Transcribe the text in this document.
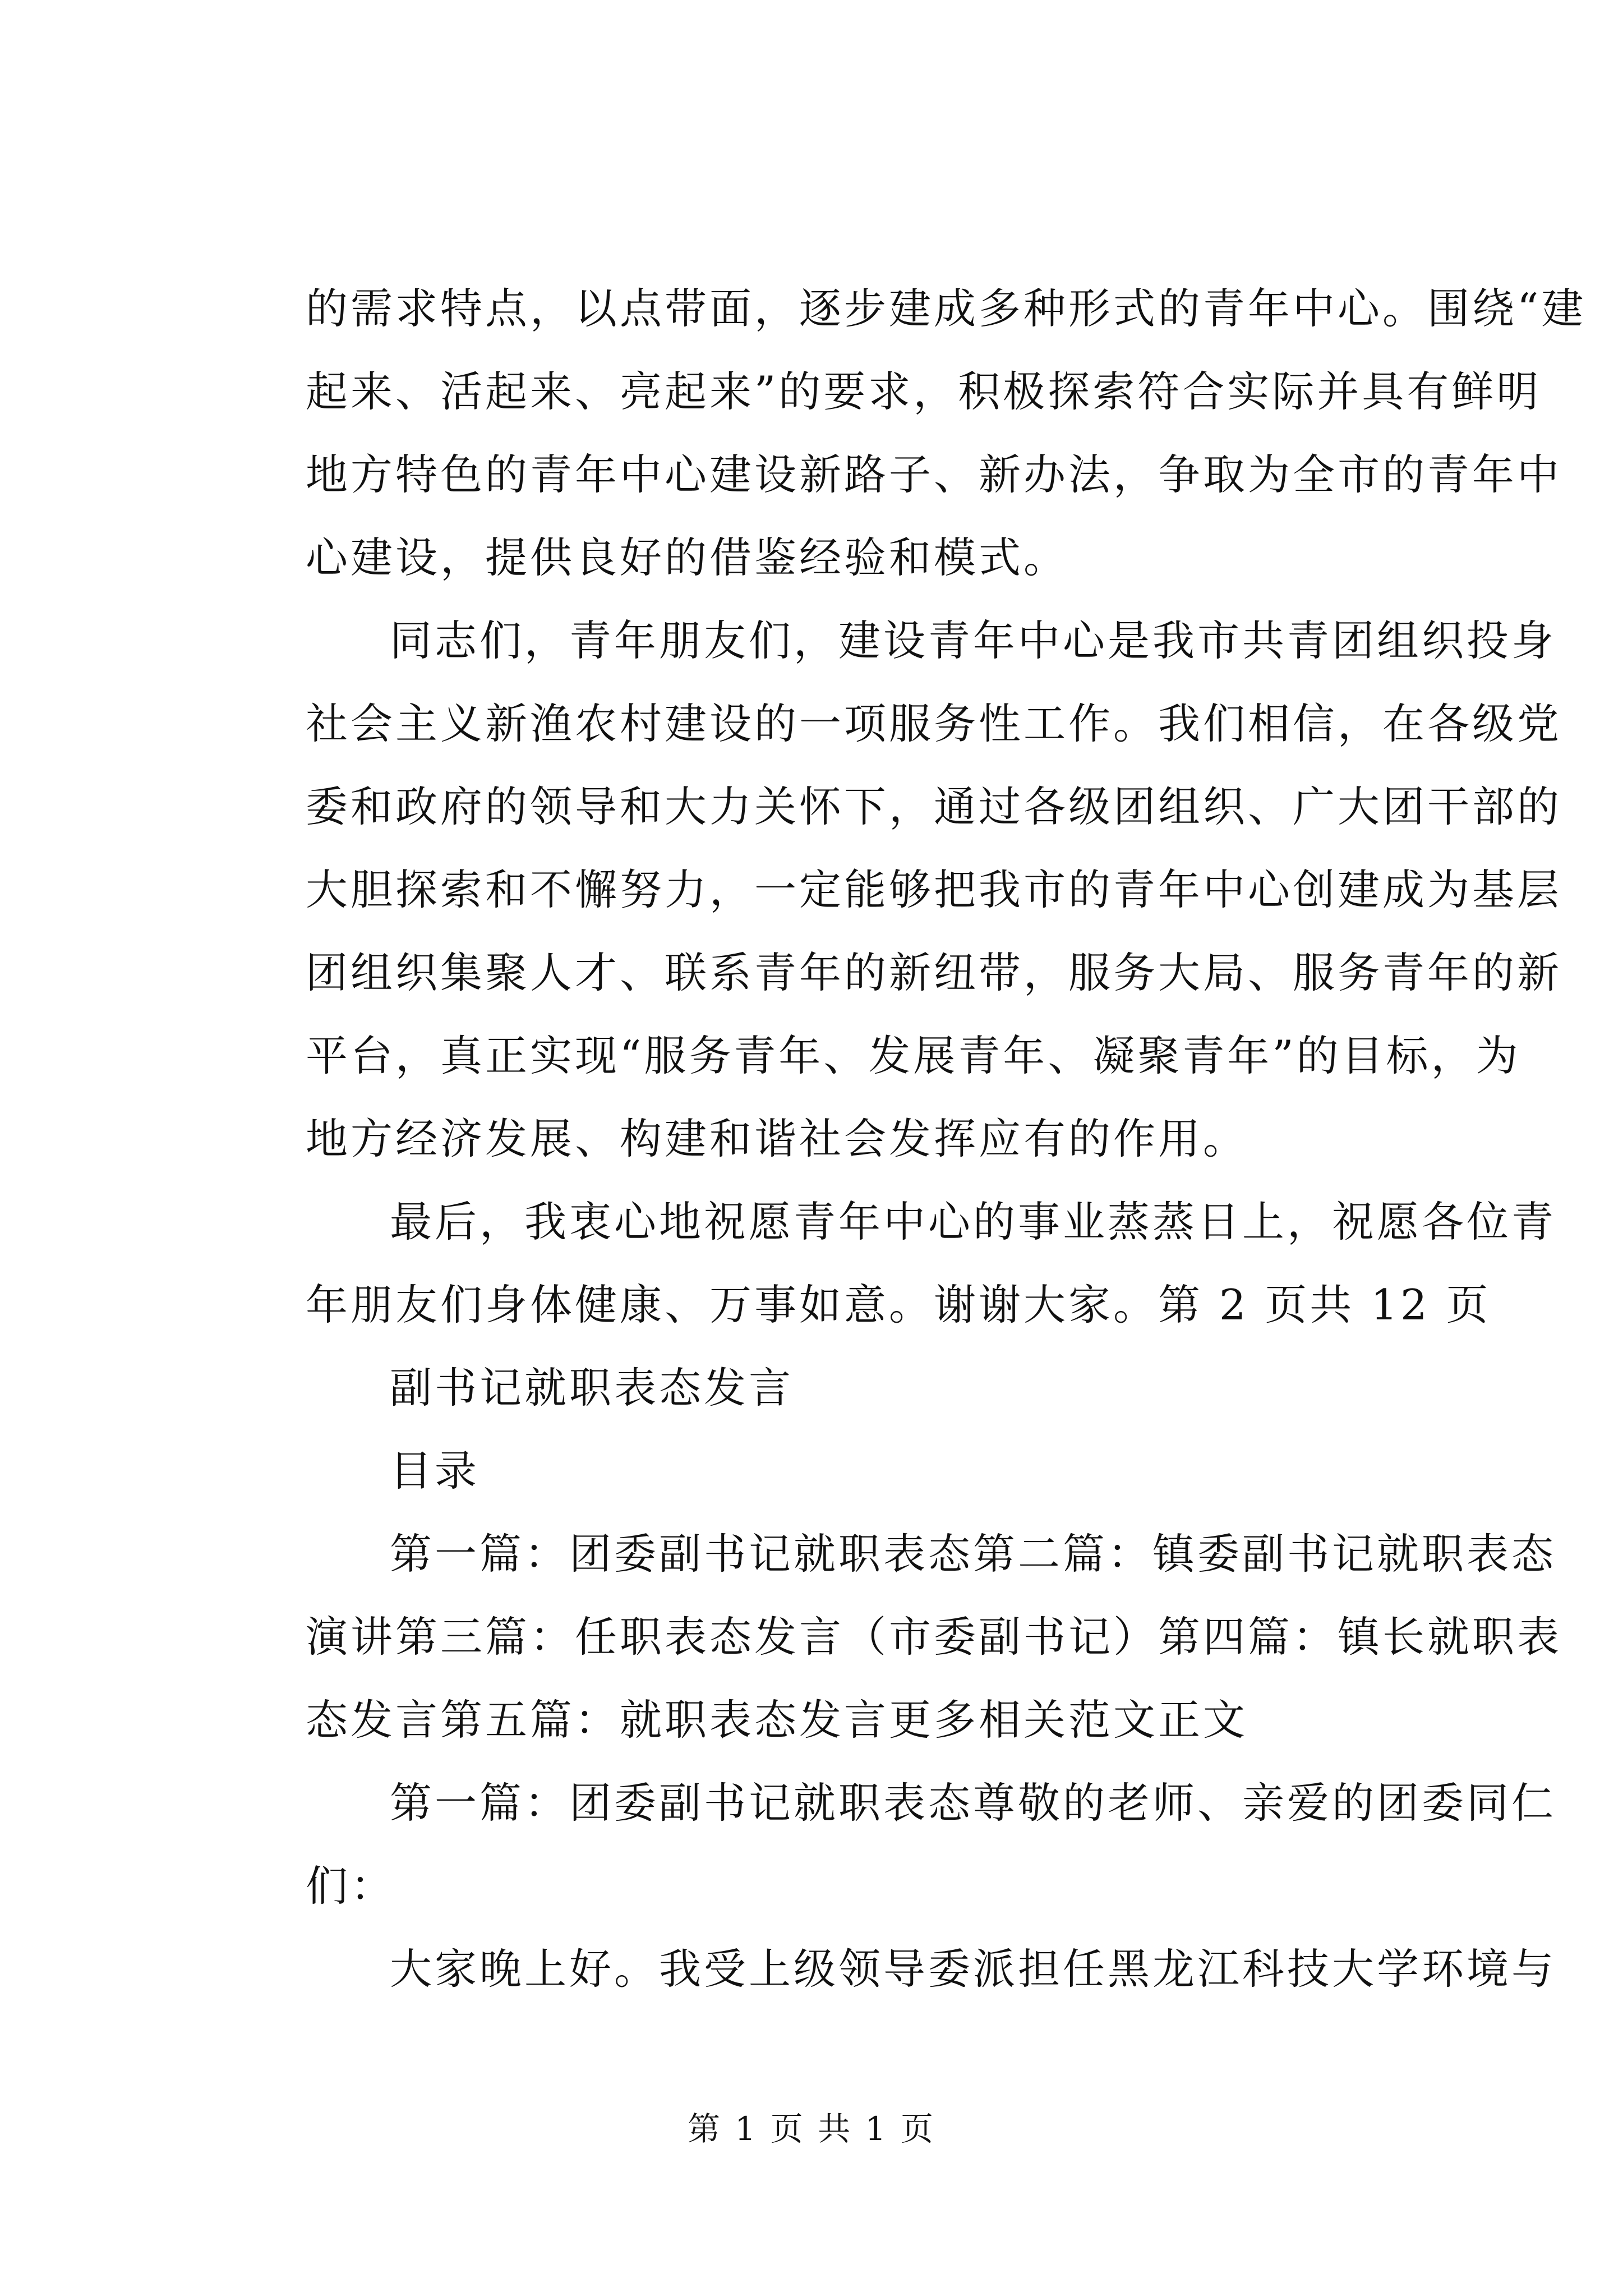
的需求特点，以点带面，逐步建成多种形式的青年中心。围绕“建

起来、活起来、亮起来”的要求，积极探索符合实际并具有鲜明

地方特色的青年中心建设新路子、新办法，争取为全市的青年中

心建设，提供良好的借鉴经验和模式。

同志们，青年朋友们，建设青年中心是我市共青团组织投身

社会主义新渔农村建设的一项服务性工作。我们相信，在各级党

委和政府的领导和大力关怀下，通过各级团组织、广大团干部的

大胆探索和不懈努力，一定能够把我市的青年中心创建成为基层

团组织集聚人才、联系青年的新纽带，服务大局、服务青年的新

平台，真正实现“服务青年、发展青年、凝聚青年”的目标，为

地方经济发展、构建和谐社会发挥应有的作用。

最后，我衷心地祝愿青年中心的事业蒸蒸日上，祝愿各位青

年朋友们身体健康、万事如意。谢谢大家。第 2 页共 12 页

副书记就职表态发言

目录

第一篇：团委副书记就职表态第二篇：镇委副书记就职表态

演讲第三篇：任职表态发言（市委副书记）第四篇：镇长就职表

态发言第五篇：就职表态发言更多相关范文正文

第一篇：团委副书记就职表态尊敬的老师、亲爱的团委同仁

们：

大家晚上好。我受上级领导委派担任黑龙江科技大学环境与

第 1 页 共 1 页
